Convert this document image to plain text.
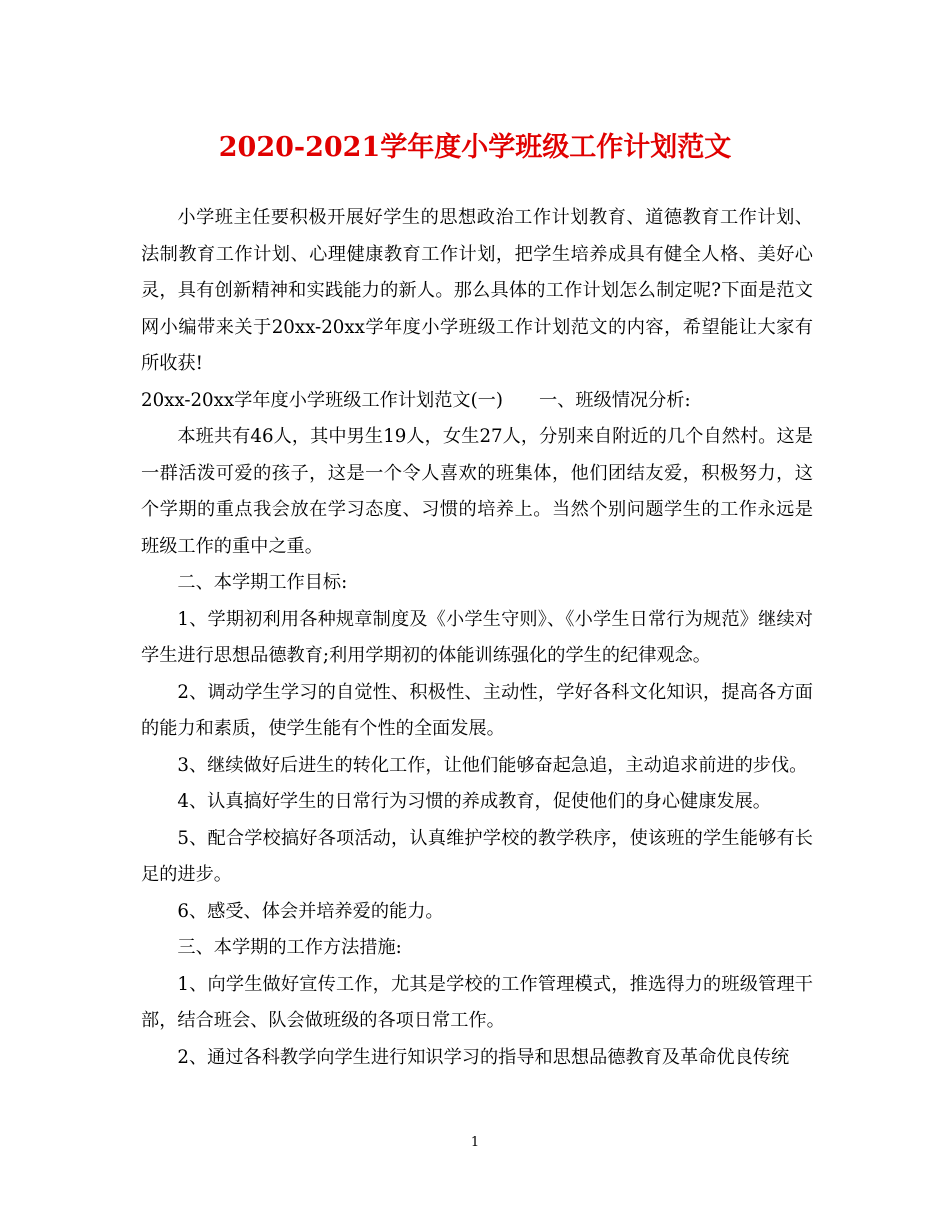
2020-2021学年度小学班级工作计划范文

小学班主任要积极开展好学生的思想政治工作计划教育、道德教育工作计划、法制教育工作计划、心理健康教育工作计划，把学生培养成具有健全人格、美好心灵，具有创新精神和实践能力的新人。那么具体的工作计划怎么制定呢?下面是范文网小编带来关于20xx-20xx学年度小学班级工作计划范文的内容，希望能让大家有所收获!

20xx-20xx学年度小学班级工作计划范文(一) 一、班级情况分析:

本班共有46人，其中男生19人，女生27人，分别来自附近的几个自然村。这是一群活泼可爱的孩子，这是一个令人喜欢的班集体，他们团结友爱，积极努力，这个学期的重点我会放在学习态度、习惯的培养上。当然个别问题学生的工作永远是班级工作的重中之重。

二、本学期工作目标:

1、学期初利用各种规章制度及《小学生守则》、《小学生日常行为规范》继续对学生进行思想品德教育;利用学期初的体能训练强化的学生的纪律观念。

2、调动学生学习的自觉性、积极性、主动性，学好各科文化知识，提高各方面的能力和素质，使学生能有个性的全面发展。

3、继续做好后进生的转化工作，让他们能够奋起急追，主动追求前进的步伐。

4、认真搞好学生的日常行为习惯的养成教育，促使他们的身心健康发展。

5、配合学校搞好各项活动，认真维护学校的教学秩序，使该班的学生能够有长足的进步。

6、感受、体会并培养爱的能力。

三、本学期的工作方法措施:

1、向学生做好宣传工作，尤其是学校的工作管理模式，推选得力的班级管理干部，结合班会、队会做班级的各项日常工作。

2、通过各科教学向学生进行知识学习的指导和思想品德教育及革命优良传统

1
